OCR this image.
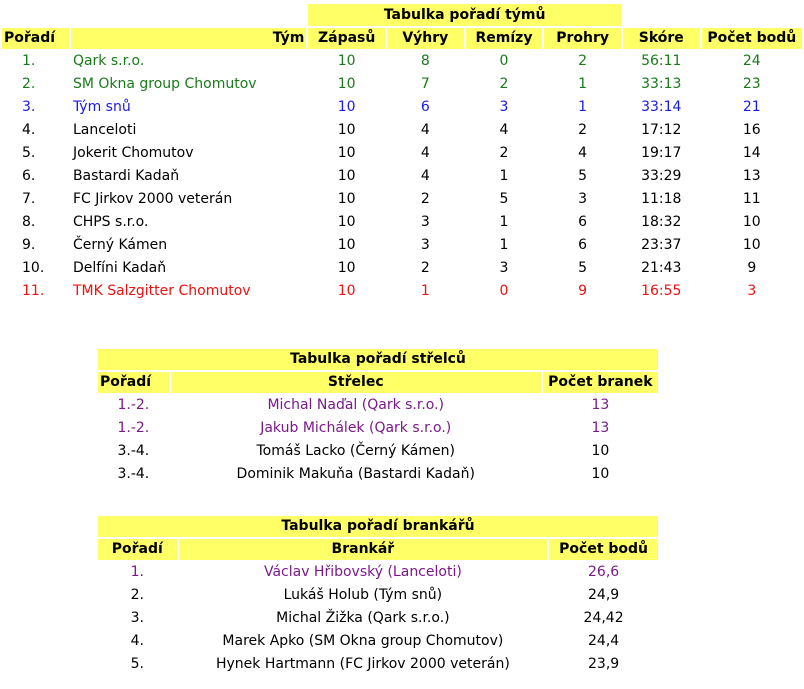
		Tabulka pořadí týmů					
Pořadí	Tým	Zápasů	Výhry	Remízy	Prohry	Skóre	Počet bodů
1.	Qark s.r.o.	10	8	0	2	56:11	24
2.	SM Okna group Chomutov	10	7	2	1	33:13	23
3.	Tým snů	10	6	3	1	33:14	21
4.	Lanceloti	10	4	4	2	17:12	16
5.	Jokerit Chomutov	10	4	2	4	19:17	14
6.	Bastardi Kadaň	10	4	1	5	33:29	13
7.	FC Jirkov 2000 veterán	10	2	5	3	11:18	11
8.	CHPS s.r.o.	10	3	1	6	18:32	10
9.	Černý Kámen	10	3	1	6	23:37	10
10.	Delfíni Kadaň	10	2	3	5	21:43	9
11.	TMK Salzgitter Chomutov	10	1	0	9	16:55	3
Tabulka pořadí střelců		
Pořadí	Střelec	Počet branek
1.-2.	Michal Naďal (Qark s.r.o.)	13
1.-2.	Jakub Michálek (Qark s.r.o.)	13
3.-4.	Tomáš Lacko (Černý Kámen)	10
3.-4.	Dominik Makuňa (Bastardi Kadaň)	10
Tabulka pořadí brankářů		
Pořadí	Brankář	Počet bodů
1.	Václav Hřibovský (Lanceloti)	26,6
2.	Lukáš Holub (Tým snů)	24,9
3.	Michal Žižka (Qark s.r.o.)	24,42
4.	Marek Apko (SM Okna group Chomutov)	24,4
5.	Hynek Hartmann (FC Jirkov 2000 veterán)	23,9
